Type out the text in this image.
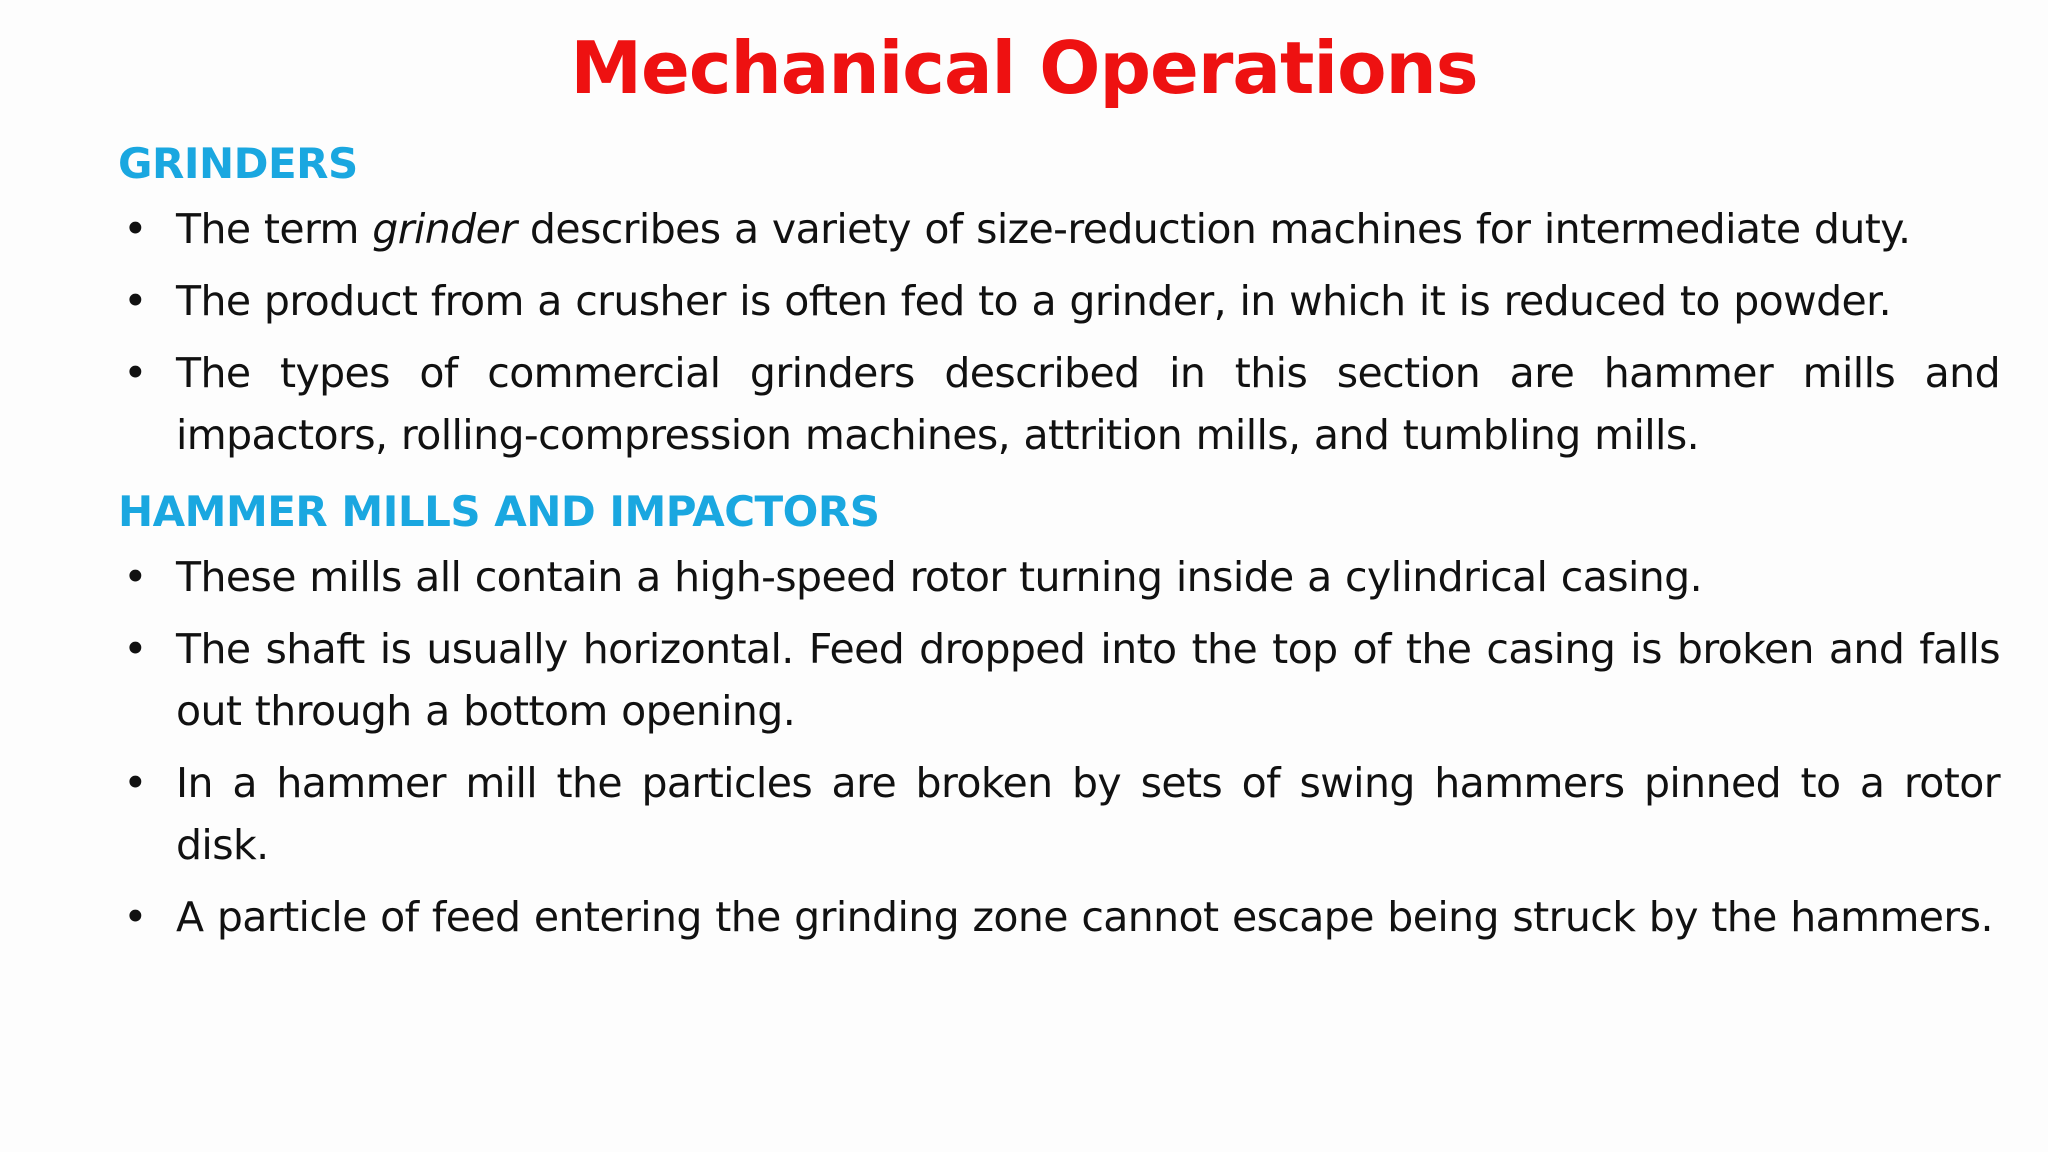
Mechanical Operations
GRINDERS
• The term grinder describes a variety of size-reduction machines for intermediate duty.
• The product from a crusher is often fed to a grinder, in which it is reduced to powder.
• The types of commercial grinders described in this section are hammer mills and impactors, rolling-compression machines, attrition mills, and tumbling mills.
HAMMER MILLS AND IMPACTORS
• These mills all contain a high-speed rotor turning inside a cylindrical casing.
• The shaft is usually horizontal. Feed dropped into the top of the casing is broken and falls out through a bottom opening.
• In a hammer mill the particles are broken by sets of swing hammers pinned to a rotor disk.
• A particle of feed entering the grinding zone cannot escape being struck by the hammers.
